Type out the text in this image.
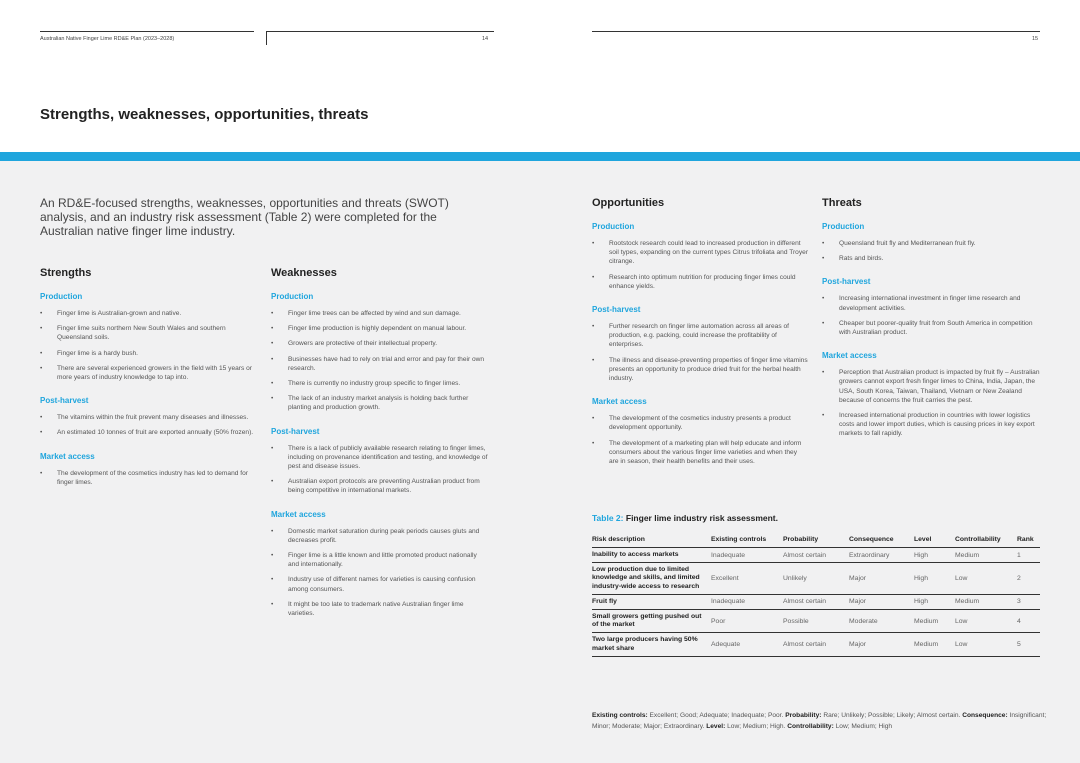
Australian Native Finger Lime RD&E Plan (2023–2028)	14	15
Strengths, weaknesses, opportunities, threats
An RD&E-focused strengths, weaknesses, opportunities and threats (SWOT) analysis, and an industry risk assessment (Table 2) were completed for the Australian native finger lime industry.
Strengths
Production
• Finger lime is Australian-grown and native.
• Finger lime suits northern New South Wales and southern Queensland soils.
• Finger lime is a hardy bush.
• There are several experienced growers in the field with 15 years or more years of industry knowledge to tap into.
Post-harvest
• The vitamins within the fruit prevent many diseases and illnesses.
• An estimated 10 tonnes of fruit are exported annually (50% frozen).
Market access
• The development of the cosmetics industry has led to demand for finger limes.
Weaknesses
Production
• Finger lime trees can be affected by wind and sun damage.
• Finger lime production is highly dependent on manual labour.
• Growers are protective of their intellectual property.
• Businesses have had to rely on trial and error and pay for their own research.
• There is currently no industry group specific to finger limes.
• The lack of an industry market analysis is holding back further planting and production growth.
Post-harvest
• There is a lack of publicly available research relating to finger limes, including on provenance identification and testing, and knowledge of pest and disease issues.
• Australian export protocols are preventing Australian product from being competitive in international markets.
Market access
• Domestic market saturation during peak periods causes gluts and decreases profit.
• Finger lime is a little known and little promoted product nationally and internationally.
• Industry use of different names for varieties is causing confusion among consumers.
• It might be too late to trademark native Australian finger lime varieties.
Opportunities
Production
• Rootstock research could lead to increased production in different soil types, expanding on the current types Citrus trifoliata and Troyer citrange.
• Research into optimum nutrition for producing finger limes could enhance yields.
Post-harvest
• Further research on finger lime automation across all areas of production, e.g. packing, could increase the profitability of enterprises.
• The illness and disease-preventing properties of finger lime vitamins presents an opportunity to produce dried fruit for the herbal health industry.
Market access
• The development of the cosmetics industry presents a product development opportunity.
• The development of a marketing plan will help educate and inform consumers about the various finger lime varieties and when they are in season, their health benefits and their uses.
Threats
Production
• Queensland fruit fly and Mediterranean fruit fly.
• Rats and birds.
Post-harvest
• Increasing international investment in finger lime research and development activities.
• Cheaper but poorer-quality fruit from South America in competition with Australian product.
Market access
• Perception that Australian product is impacted by fruit fly – Australian growers cannot export fresh finger limes to China, India, Japan, the USA, South Korea, Taiwan, Thailand, Vietnam or New Zealand because of concerns the fruit carries the pest.
• Increased international production in countries with lower logistics costs and lower import duties, which is causing prices in key export markets to fall rapidly.
Table 2: Finger lime industry risk assessment.
Risk description	Existing controls	Probability	Consequence	Level	Controllability	Rank
Inability to access markets	Inadequate	Almost certain	Extraordinary	High	Medium	1
Low production due to limited knowledge and skills, and limited industry-wide access to research	Excellent	Unlikely	Major	High	Low	2
Fruit fly	Inadequate	Almost certain	Major	High	Medium	3
Small growers getting pushed out of the market	Poor	Possible	Moderate	Medium	Low	4
Two large producers having 50% market share	Adequate	Almost certain	Major	Medium	Low	5
Existing controls: Excellent; Good; Adequate; Inadequate; Poor. Probability: Rare; Unlikely; Possible; Likely; Almost certain. Consequence: Insignificant; Minor; Moderate; Major; Extraordinary. Level: Low; Medium; High. Controllability: Low; Medium; High
